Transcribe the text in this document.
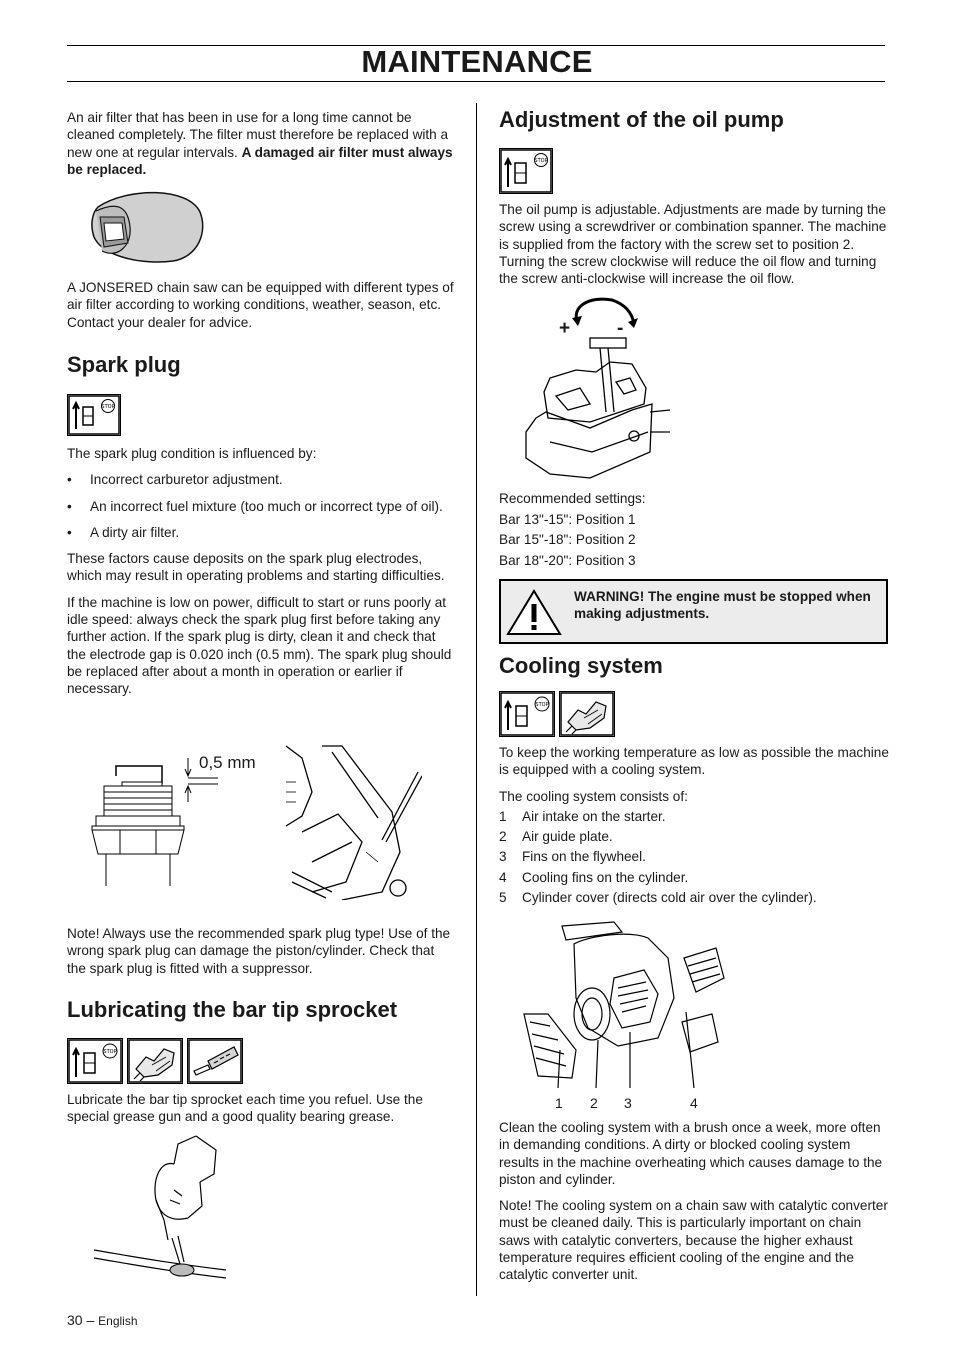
MAINTENANCE

An air filter that has been in use for a long time cannot be cleaned completely. The filter must therefore be replaced with a new one at regular intervals. A damaged air filter must always be replaced.

A JONSERED chain saw can be equipped with different types of air filter according to working conditions, weather, season, etc. Contact your dealer for advice.

Spark plug
STOP

The spark plug condition is influenced by:

• Incorrect carburetor adjustment.
• An incorrect fuel mixture (too much or incorrect type of oil).
• A dirty air filter.

These factors cause deposits on the spark plug electrodes, which may result in operating problems and starting difficulties.

If the machine is low on power, difficult to start or runs poorly at idle speed: always check the spark plug first before taking any further action. If the spark plug is dirty, clean it and check that the electrode gap is 0.020 inch (0.5 mm). The spark plug should be replaced after about a month in operation or earlier if necessary.

0,5 mm

Note! Always use the recommended spark plug type! Use of the wrong spark plug can damage the piston/cylinder. Check that the spark plug is fitted with a suppressor.

Lubricating the bar tip sprocket
STOP

Lubricate the bar tip sprocket each time you refuel. Use the special grease gun and a good quality bearing grease.

30 – English
Adjustment of the oil pump
STOP

The oil pump is adjustable. Adjustments are made by turning the screw using a screwdriver or combination spanner. The machine is supplied from the factory with the screw set to position 2. Turning the screw clockwise will reduce the oil flow and turning the screw anti-clockwise will increase the oil flow.

+ -
Recommended settings:
Bar 13"-15": Position 1
Bar 15"-18": Position 2
Bar 18"-20": Position 3
WARNING! The engine must be stopped when making adjustments.
Cooling system
STOP

To keep the working temperature as low as possible the machine is equipped with a cooling system.

The cooling system consists of:

1 Air intake on the starter.
2 Air guide plate.
3 Fins on the flywheel.
4 Cooling fins on the cylinder.
5 Cylinder cover (directs cold air over the cylinder).
1 2 3	4

Clean the cooling system with a brush once a week, more often in demanding conditions. A dirty or blocked cooling system results in the machine overheating which causes damage to the piston and cylinder.

Note! The cooling system on a chain saw with catalytic converter must be cleaned daily. This is particularly important on chain saws with catalytic converters, because the higher exhaust temperature requires efficient cooling of the engine and the catalytic converter unit.
